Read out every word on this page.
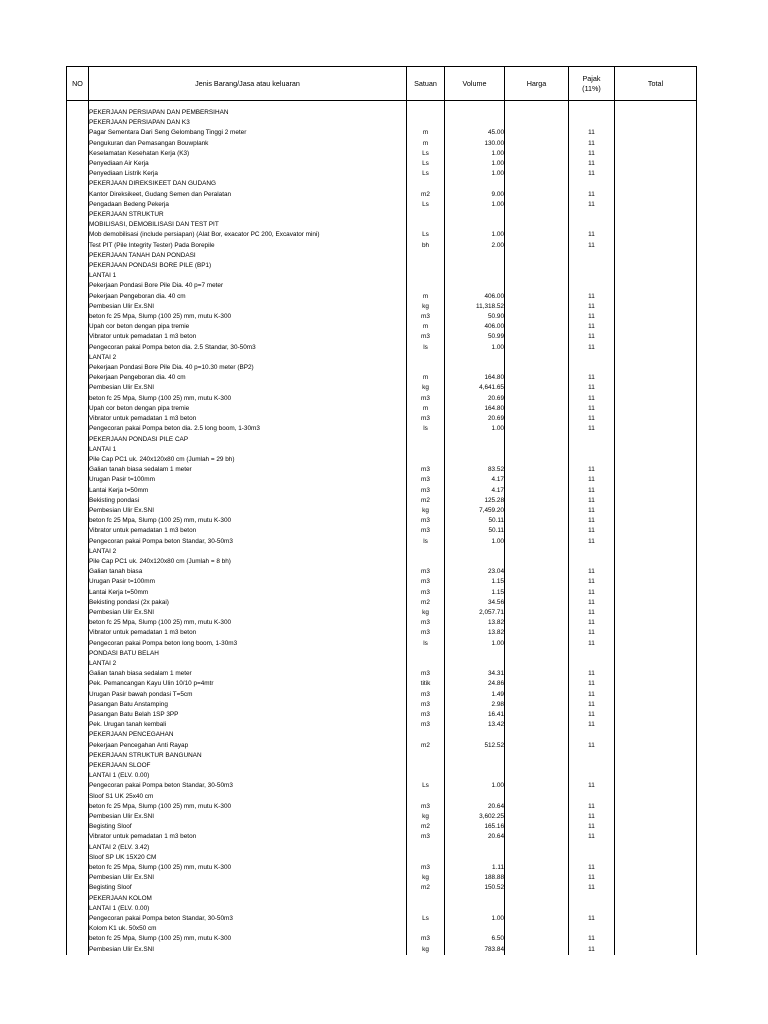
NO	Jenis Barang/Jasa atau keluaran	Satuan	Volume	Harga	Pajak
(11%)	Total

	PEKERJAAN PERSIAPAN DAN PEMBERSIHAN					
	PEKERJAAN PERSIAPAN DAN K3					
	Pagar Sementara Dari Seng Gelombang Tinggi 2 meter	m	45.00		11	
	Pengukuran dan Pemasangan Bouwplank	m	130.00		11	
	Keselamatan Kesehatan Kerja (K3)	Ls	1.00		11	
	Penyediaan Air Kerja	Ls	1.00		11	
	Penyediaan Listrik Kerja	Ls	1.00		11	
	PEKERJAAN DIREKSIKEET DAN GUDANG					
	Kantor Direksikeet, Gudang Semen dan Peralatan	m2	9.00		11	
	Pengadaan Bedeng Pekerja	Ls	1.00		11	
	PEKERJAAN STRUKTUR					
	MOBILISASI, DEMOBILISASI DAN TEST PIT					
	Mob demobilisasi (include persiapan) (Alat Bor, exacator PC 200, Excavator mini)	Ls	1.00		11	
	Test PIT (Pile Integrity Tester) Pada Borepile	bh	2.00		11	
	PEKERJAAN TANAH DAN PONDASI					
	PEKERJAAN PONDASI BORE PILE (BP1)					
	LANTAI 1					
	Pekerjaan Pondasi Bore Pile Dia. 40 p=7 meter					
	Pekerjaan Pengeboran dia. 40 cm	m	406.00		11	
	Pembesian Ulir Ex.SNI	kg	11,318.52		11	
	beton fc 25 Mpa, Slump (100 25) mm, mutu K-300	m3	50.90		11	
	Upah cor beton dengan pipa tremie	m	406.00		11	
	Vibrator untuk pemadatan 1 m3 beton	m3	50.99		11	
	Pengecoran pakai Pompa beton dia. 2.5 Standar, 30-50m3	ls	1.00		11	
	LANTAI 2					
	Pekerjaan Pondasi Bore Pile Dia. 40 p=10.30 meter (BP2)					
	Pekerjaan Pengeboran dia. 40 cm	m	164.80		11	
	Pembesian Ulir Ex.SNI	kg	4,641.65		11	
	beton fc 25 Mpa, Slump (100 25) mm, mutu K-300	m3	20.69		11	
	Upah cor beton dengan pipa tremie	m	164.80		11	
	Vibrator untuk pemadatan 1 m3 beton	m3	20.69		11	
	Pengecoran pakai Pompa beton dia. 2.5 long boom, 1-30m3	ls	1.00		11	
	PEKERJAAN PONDASI PILE CAP					
	LANTAI 1					
	Pile Cap PC1 uk. 240x120x80 cm (Jumlah = 29 bh)					
	Galian tanah biasa sedalam 1 meter	m3	83.52		11	
	Urugan Pasir t=100mm	m3	4.17		11	
	Lantai Kerja t=50mm	m3	4.17		11	
	Bekisting pondasi	m2	125.28		11	
	Pembesian Ulir Ex.SNI	kg	7,459.20		11	
	beton fc 25 Mpa, Slump (100 25) mm, mutu K-300	m3	50.11		11	
	Vibrator untuk pemadatan 1 m3 beton	m3	50.11		11	
	Pengecoran pakai Pompa beton Standar, 30-50m3	ls	1.00		11	
	LANTAI 2					
	Pile Cap PC1 uk. 240x120x80 cm (Jumlah = 8 bh)					
	Galian tanah biasa	m3	23.04		11	
	Urugan Pasir t=100mm	m3	1.15		11	
	Lantai Kerja t=50mm	m3	1.15		11	
	Bekisting pondasi (2x pakai)	m2	34.56		11	
	Pembesian Ulir Ex.SNI	kg	2,057.71		11	
	beton fc 25 Mpa, Slump (100 25) mm, mutu K-300	m3	13.82		11	
	Vibrator untuk pemadatan 1 m3 beton	m3	13.82		11	
	Pengecoran pakai Pompa beton long boom, 1-30m3	ls	1.00		11	
	PONDASI BATU BELAH					
	LANTAI 2					
	Galian tanah biasa sedalam 1 meter	m3	34.31		11	
	Pek. Pemancangan Kayu Ulin 10/10 p=4mtr	titik	24.86		11	
	Urugan Pasir bawah pondasi T=5cm	m3	1.49		11	
	Pasangan Batu Anstamping	m3	2.98		11	
	Pasangan Batu Belah 1SP 3PP	m3	16.41		11	
	Pek. Urugan tanah kembali	m3	13.42		11	
	PEKERJAAN PENCEGAHAN					
	Pekerjaan Pencegahan Anti Rayap	m2	512.52		11	
	PEKERJAAN STRUKTUR BANGUNAN					
	PEKERJAAN SLOOF					
	LANTAI 1 (ELV. 0.00)					
	Pengecoran pakai Pompa beton Standar, 30-50m3	Ls	1.00		11	
	Sloof S1 UK 25x40 cm					
	beton fc 25 Mpa, Slump (100 25) mm, mutu K-300	m3	20.64		11	
	Pembesian Ulir Ex.SNI	kg	3,602.25		11	
	Begisting Sloof	m2	165.16		11	
	Vibrator untuk pemadatan 1 m3 beton	m3	20.64		11	
	LANTAI 2 (ELV. 3.42)					
	Sloof SP UK 15X20 CM					
	beton fc 25 Mpa, Slump (100 25) mm, mutu K-300	m3	1.11		11	
	Pembesian Ulir Ex.SNI	kg	188.88		11	
	Begisting Sloof	m2	150.52		11	
	PEKERJAAN KOLOM					
	LANTAI 1 (ELV. 0.00)					
	Pengecoran pakai Pompa beton Standar, 30-50m3	Ls	1.00		11	
	Kolom K1 uk. 50x50 cm					
	beton fc 25 Mpa, Slump (100 25) mm, mutu K-300	m3	6.50		11	
	Pembesian Ulir Ex.SNI	kg	783.84		11	
